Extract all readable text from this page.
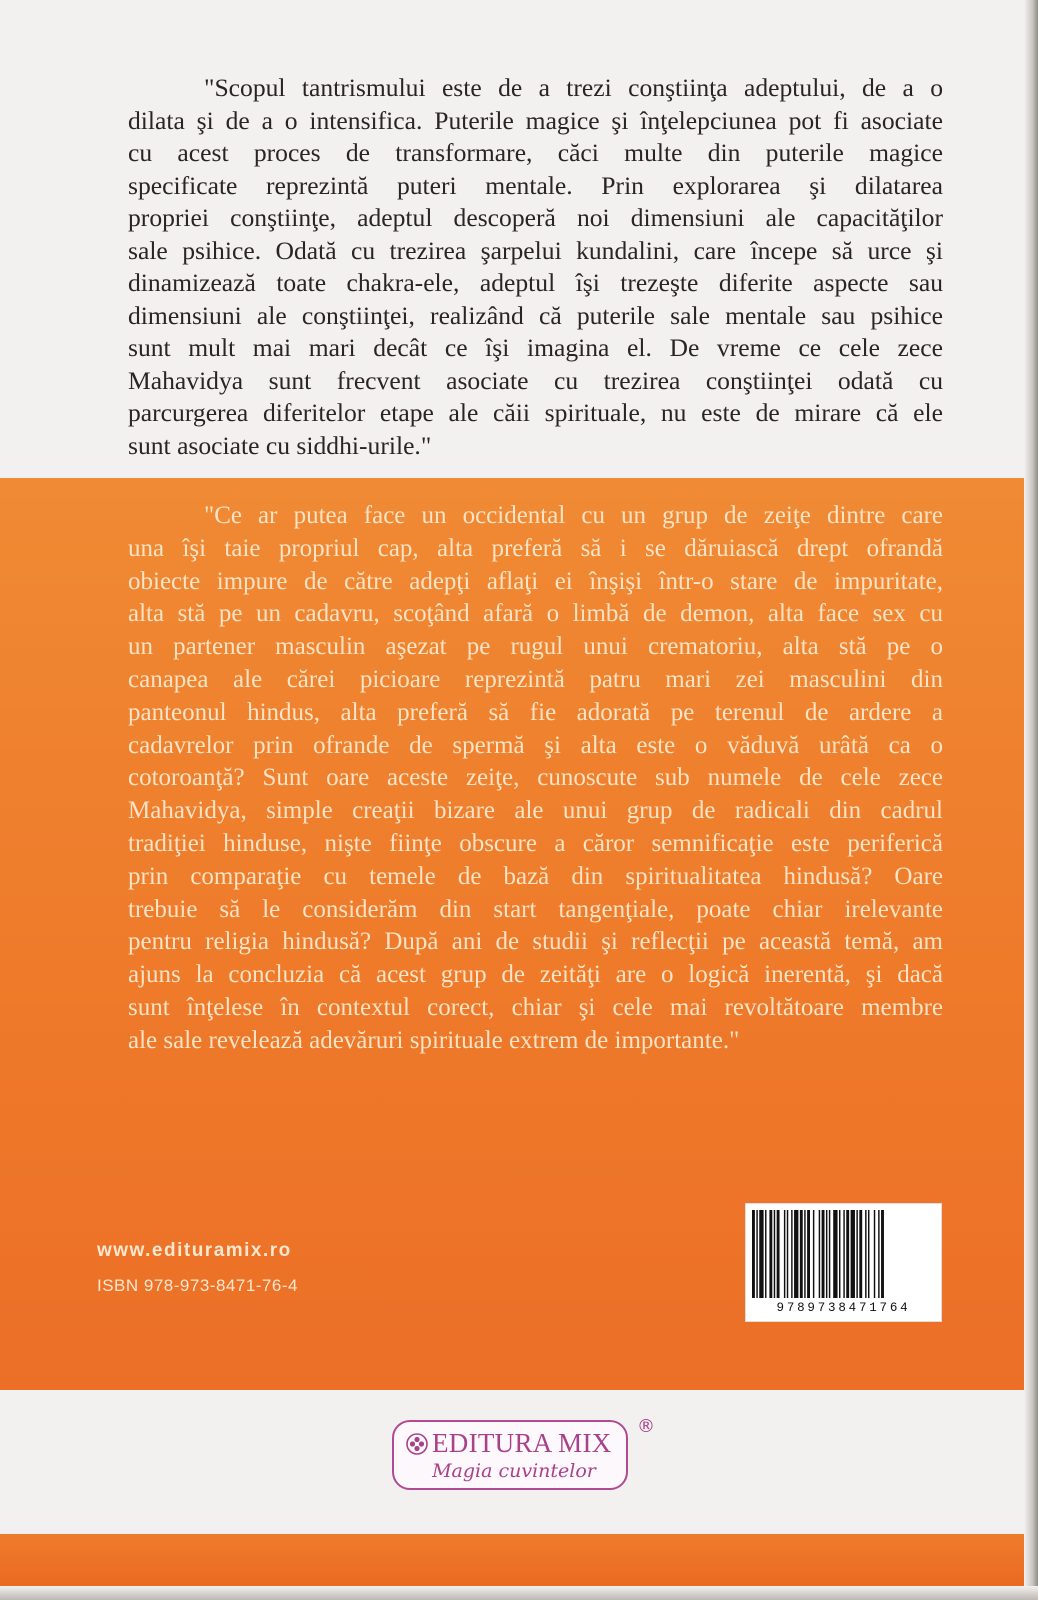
"Scopul tantrismului este de a trezi conştiinţa adeptului, de a o
dilata şi de a o intensifica. Puterile magice şi înţelepciunea pot fi asociate
cu acest proces de transformare, căci multe din puterile magice
specificate reprezintă puteri mentale. Prin explorarea şi dilatarea
propriei conştiinţe, adeptul descoperă noi dimensiuni ale capacităţilor
sale psihice. Odată cu trezirea şarpelui kundalini, care începe să urce şi
dinamizează toate chakra-ele, adeptul îşi trezeşte diferite aspecte sau
dimensiuni ale conştiinţei, realizând că puterile sale mentale sau psihice
sunt mult mai mari decât ce îşi imagina el. De vreme ce cele zece
Mahavidya sunt frecvent asociate cu trezirea conştiinţei odată cu
parcurgerea diferitelor etape ale căii spirituale, nu este de mirare că ele
sunt asociate cu siddhi-urile."
"Ce ar putea face un occidental cu un grup de zeiţe dintre care
una îşi taie propriul cap, alta preferă să i se dăruiască drept ofrandă
obiecte impure de către adepţi aflaţi ei înşişi într-o stare de impuritate,
alta stă pe un cadavru, scoţând afară o limbă de demon, alta face sex cu
un partener masculin aşezat pe rugul unui crematoriu, alta stă pe o
canapea ale cărei picioare reprezintă patru mari zei masculini din
panteonul hindus, alta preferă să fie adorată pe terenul de ardere a
cadavrelor prin ofrande de spermă şi alta este o văduvă urâtă ca o
cotoroanţă? Sunt oare aceste zeiţe, cunoscute sub numele de cele zece
Mahavidya, simple creaţii bizare ale unui grup de radicali din cadrul
tradiţiei hinduse, nişte fiinţe obscure a căror semnificaţie este periferică
prin comparaţie cu temele de bază din spiritualitatea hindusă? Oare
trebuie să le considerăm din start tangenţiale, poate chiar irelevante
pentru religia hindusă? După ani de studii şi reflecţii pe această temă, am
ajuns la concluzia că acest grup de zeităţi are o logică inerentă, şi dacă
sunt înţelese în contextul corect, chiar şi cele mai revoltătoare membre
ale sale revelează adevăruri spirituale extrem de importante."
www.edituramix.ro
ISBN 978-973-8471-76-4
9789738471764
EDITURA MIX
Magia cuvintelor
®
